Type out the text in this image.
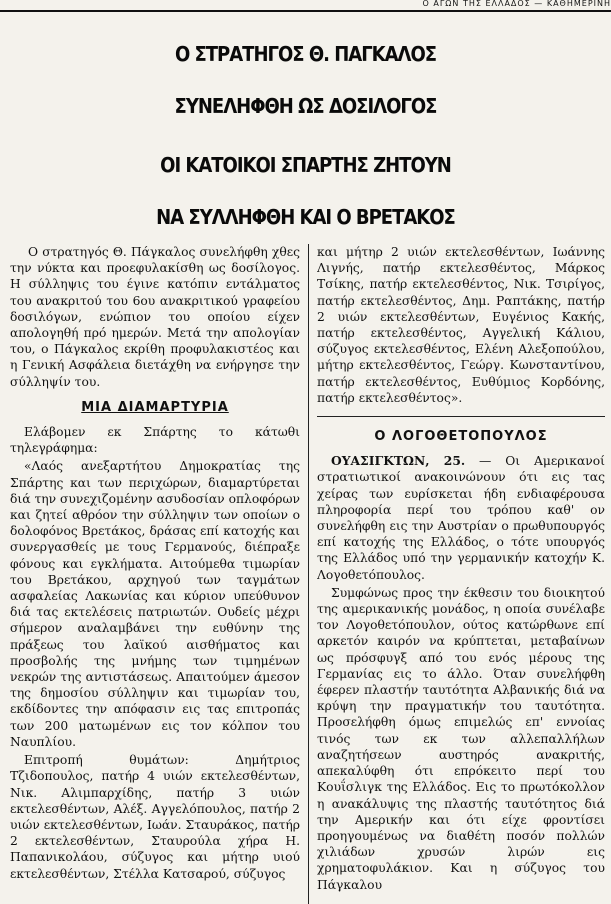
Ο ΑΓΩΝ ΤΗΣ ΕΛΛΑΔΟΣ — ΚΑΘΗΜΕΡΙΝΗ
Ο ΣΤΡΑΤΗΓΟΣ Θ. ΠΑΓΚΑΛΟΣ
ΣΥΝΕΛΗΦΘΗ ΩΣ ΔΟΣΙΛΟΓΟΣ
ΟΙ ΚΑΤΟΙΚΟΙ ΣΠΑΡΤΗΣ ΖΗΤΟΥΝ
ΝΑ ΣΥΛΛΗΦΘΗ ΚΑΙ Ο ΒΡΕΤΑΚΟΣ

Ο στρατηγός Θ. Πάγκαλος συνελήφθη χθες την νύκτα και προεφυλακίσθη ως δοσίλογος. Η σύλληψις του έγινε κατόπιν εντάλματος του ανακριτού του 6ου ανακριτικού γραφείου δοσιλόγων, ενώπιον του οποίου είχεν απολογηθή πρό ημερών. Μετά την απολογίαν του, ο Πάγκαλος εκρίθη προφυλακιστέος και η Γενική Ασφάλεια διετάχθη να ενήργησε την σύλληψίν του.

ΜΙΑ ΔΙΑΜΑΡΤΥΡΙΑ

Ελάβομεν εκ Σπάρτης το κάτωθι τηλεγράφημα:

«Λαός ανεξαρτήτου Δημοκρατίας της Σπάρτης και των περιχώρων, διαμαρτύρεται διά την συνεχιζομένην ασυδοσίαν οπλοφόρων και ζητεί αθρόον την σύλληψιν των οποίων ο δολοφόνος Βρετάκος, δράσας επί κατοχής και συνεργασθείς με τους Γερμανούς, διέπραξε φόνους και εγκλήματα. Αιτούμεθα τιμωρίαν του Βρετάκου, αρχηγού των ταγμάτων ασφαλείας Λακωνίας και κύριον υπεύθυνον διά τας εκτελέσεις πατριωτών. Ουδείς μέχρι σήμερον αναλαμβάνει την ευθύνην της πράξεως του λαϊκού αισθήματος και προσβολής της μνήμης των τιμημένων νεκρών της αντιστάσεως. Απαιτούμεν άμεσον της δημοσίου σύλληψιν και τιμωρίαν του, εκδίδοντες την απόφασιν εις τας επιτροπάς των 200 ματωμένων εις τον κόλπον του Ναυπλίου.

Επιτροπή θυμάτων: Δημήτριος Τζιδοπουλος, πατήρ 4 υιών εκτελεσθέντων, Νικ. Αλιμπαρχίδης, πατήρ 3 υιών εκτελεσθέντων, Αλέξ. Αγγελόπουλος, πατήρ 2 υιών εκτελεσθέντων, Ιωάν. Σταυράκος, πατήρ 2 εκτελεσθέντων, Σταυρούλα χήρα Η. Παπανικολάου, σύζυγος και μήτηρ υιού εκτελεσθέντων, Στέλλα Κατσαρού, σύζυγος

και μήτηρ 2 υιών εκτελεσθέντων, Ιωάννης Λιγνής, πατήρ εκτελεσθέντος, Μάρκος Τσίκης, πατήρ εκτελεσθέντος, Νικ. Τσιρίγος, πατήρ εκτελεσθέντος, Δημ. Ραπτάκης, πατήρ 2 υιών εκτελεσθέντων, Ευγένιος Κακής, πατήρ εκτελεσθέντος, Αγγελική Κάλιου, σύζυγος εκτελεσθέντος, Ελένη Αλεξοπούλου, μήτηρ εκτελεσθέντος, Γεώργ. Κωνσταντίνου, πατήρ εκτελεσθέντος, Ευθύμιος Κορδόνης, πατήρ εκτελεσθέντος».

Ο ΛΟΓΟΘΕΤΟΠΟΥΛΟΣ

ΟΥΑΣΙΓΚΤΩΝ, 25. — Οι Αμερικανοί στρατιωτικοί ανακοινώνουν ότι εις τας χείρας των ευρίσκεται ήδη ενδιαφέρουσα πληροφορία περί του τρόπου καθ' ον συνελήφθη εις την Αυστρίαν ο πρωθυπουργός επί κατοχής της Ελλάδος, ο τότε υπουργός της Ελλάδος υπό την γερμανικήν κατοχήν Κ. Λογοθετόπουλος.

Συμφώνως προς την έκθεσιν του διοικητού της αμερικανικής μονάδος, η οποία συνέλαβε τον Λογοθετόπουλον, ούτος κατώρθωνε επί αρκετόν καιρόν να κρύπτεται, μεταβαίνων ως πρόσφυγξ από του ενός μέρους της Γερμανίας εις το άλλο. Όταν συνελήφθη έφερεν πλαστήν ταυτότητα Αλβανικής διά να κρύψη την πραγματικήν του ταυτότητα. Προσελήφθη όμως επιμελώς επ' εννοίας τινός των εκ των αλλεπαλλήλων αναζητήσεων αυστηρός ανακριτής, απεκαλύφθη ότι επρόκειτο περί του Κουΐσλιγκ της Ελλάδος. Εις το πρωτόκολλον η ανακάλυψις της πλαστής ταυτότητος διά την Αμερικήν και ότι είχε φροντίσει προηγουμένως να διαθέτη ποσόν πολλών χιλιάδων χρυσών λιρών εις χρηματοφυλάκιον. Και η σύζυγος του Πάγκαλου
